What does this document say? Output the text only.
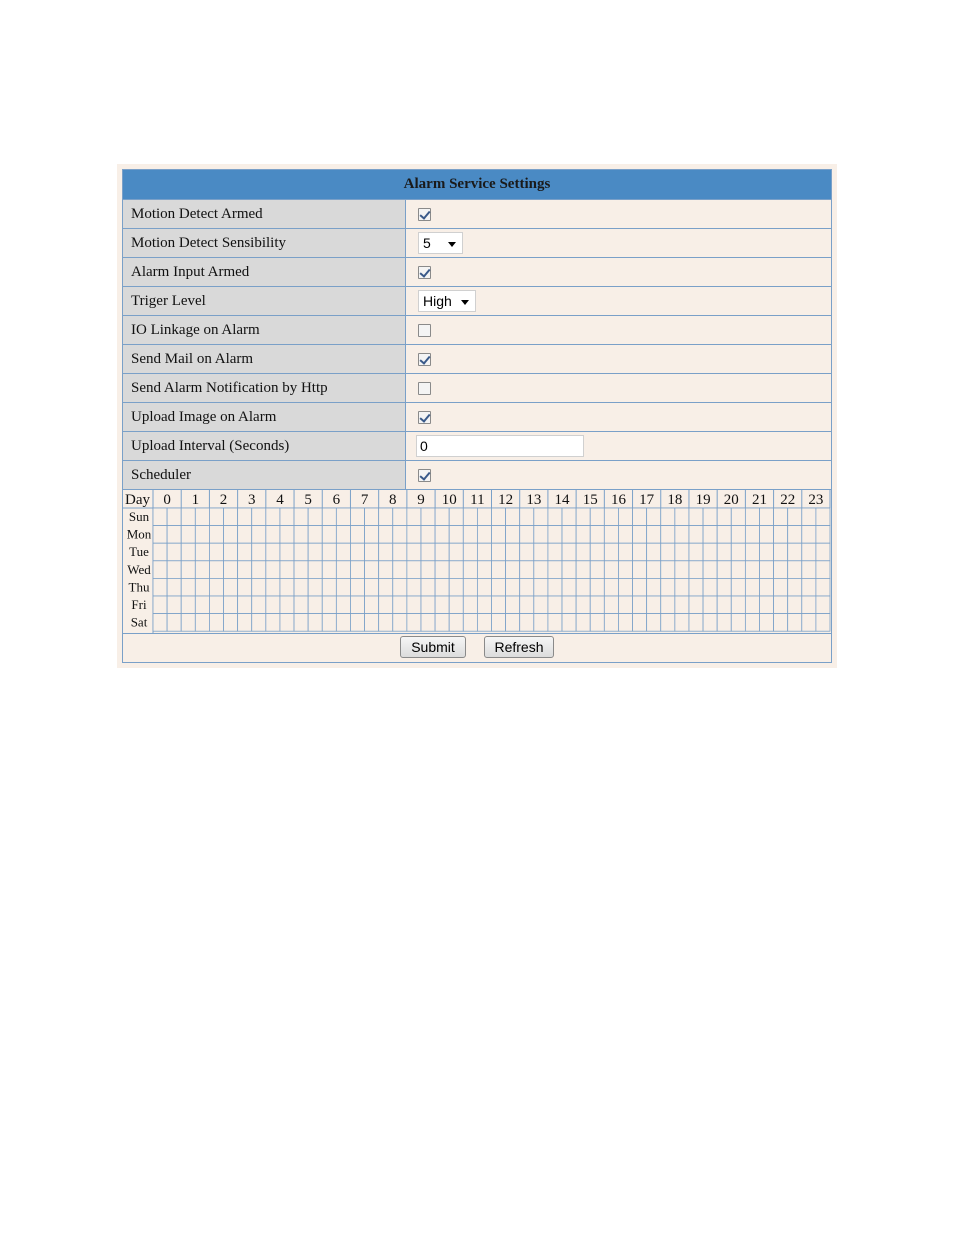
Alarm Service Settings
Motion Detect Armed
Motion Detect Sensibility	5
Alarm Input Armed
Triger Level	High
IO Linkage on Alarm
Send Mail on Alarm
Send Alarm Notification by Http
Upload Image on Alarm
Upload Interval (Seconds)	0
Scheduler
Day 0 1 2 3 4 5 6 7 8 9 10 11 12 13 14 15 16 17 18 19 20 21 22 23
Sun
Mon
Tue
Wed
Thu
Fri
Sat
Submit	Refresh
